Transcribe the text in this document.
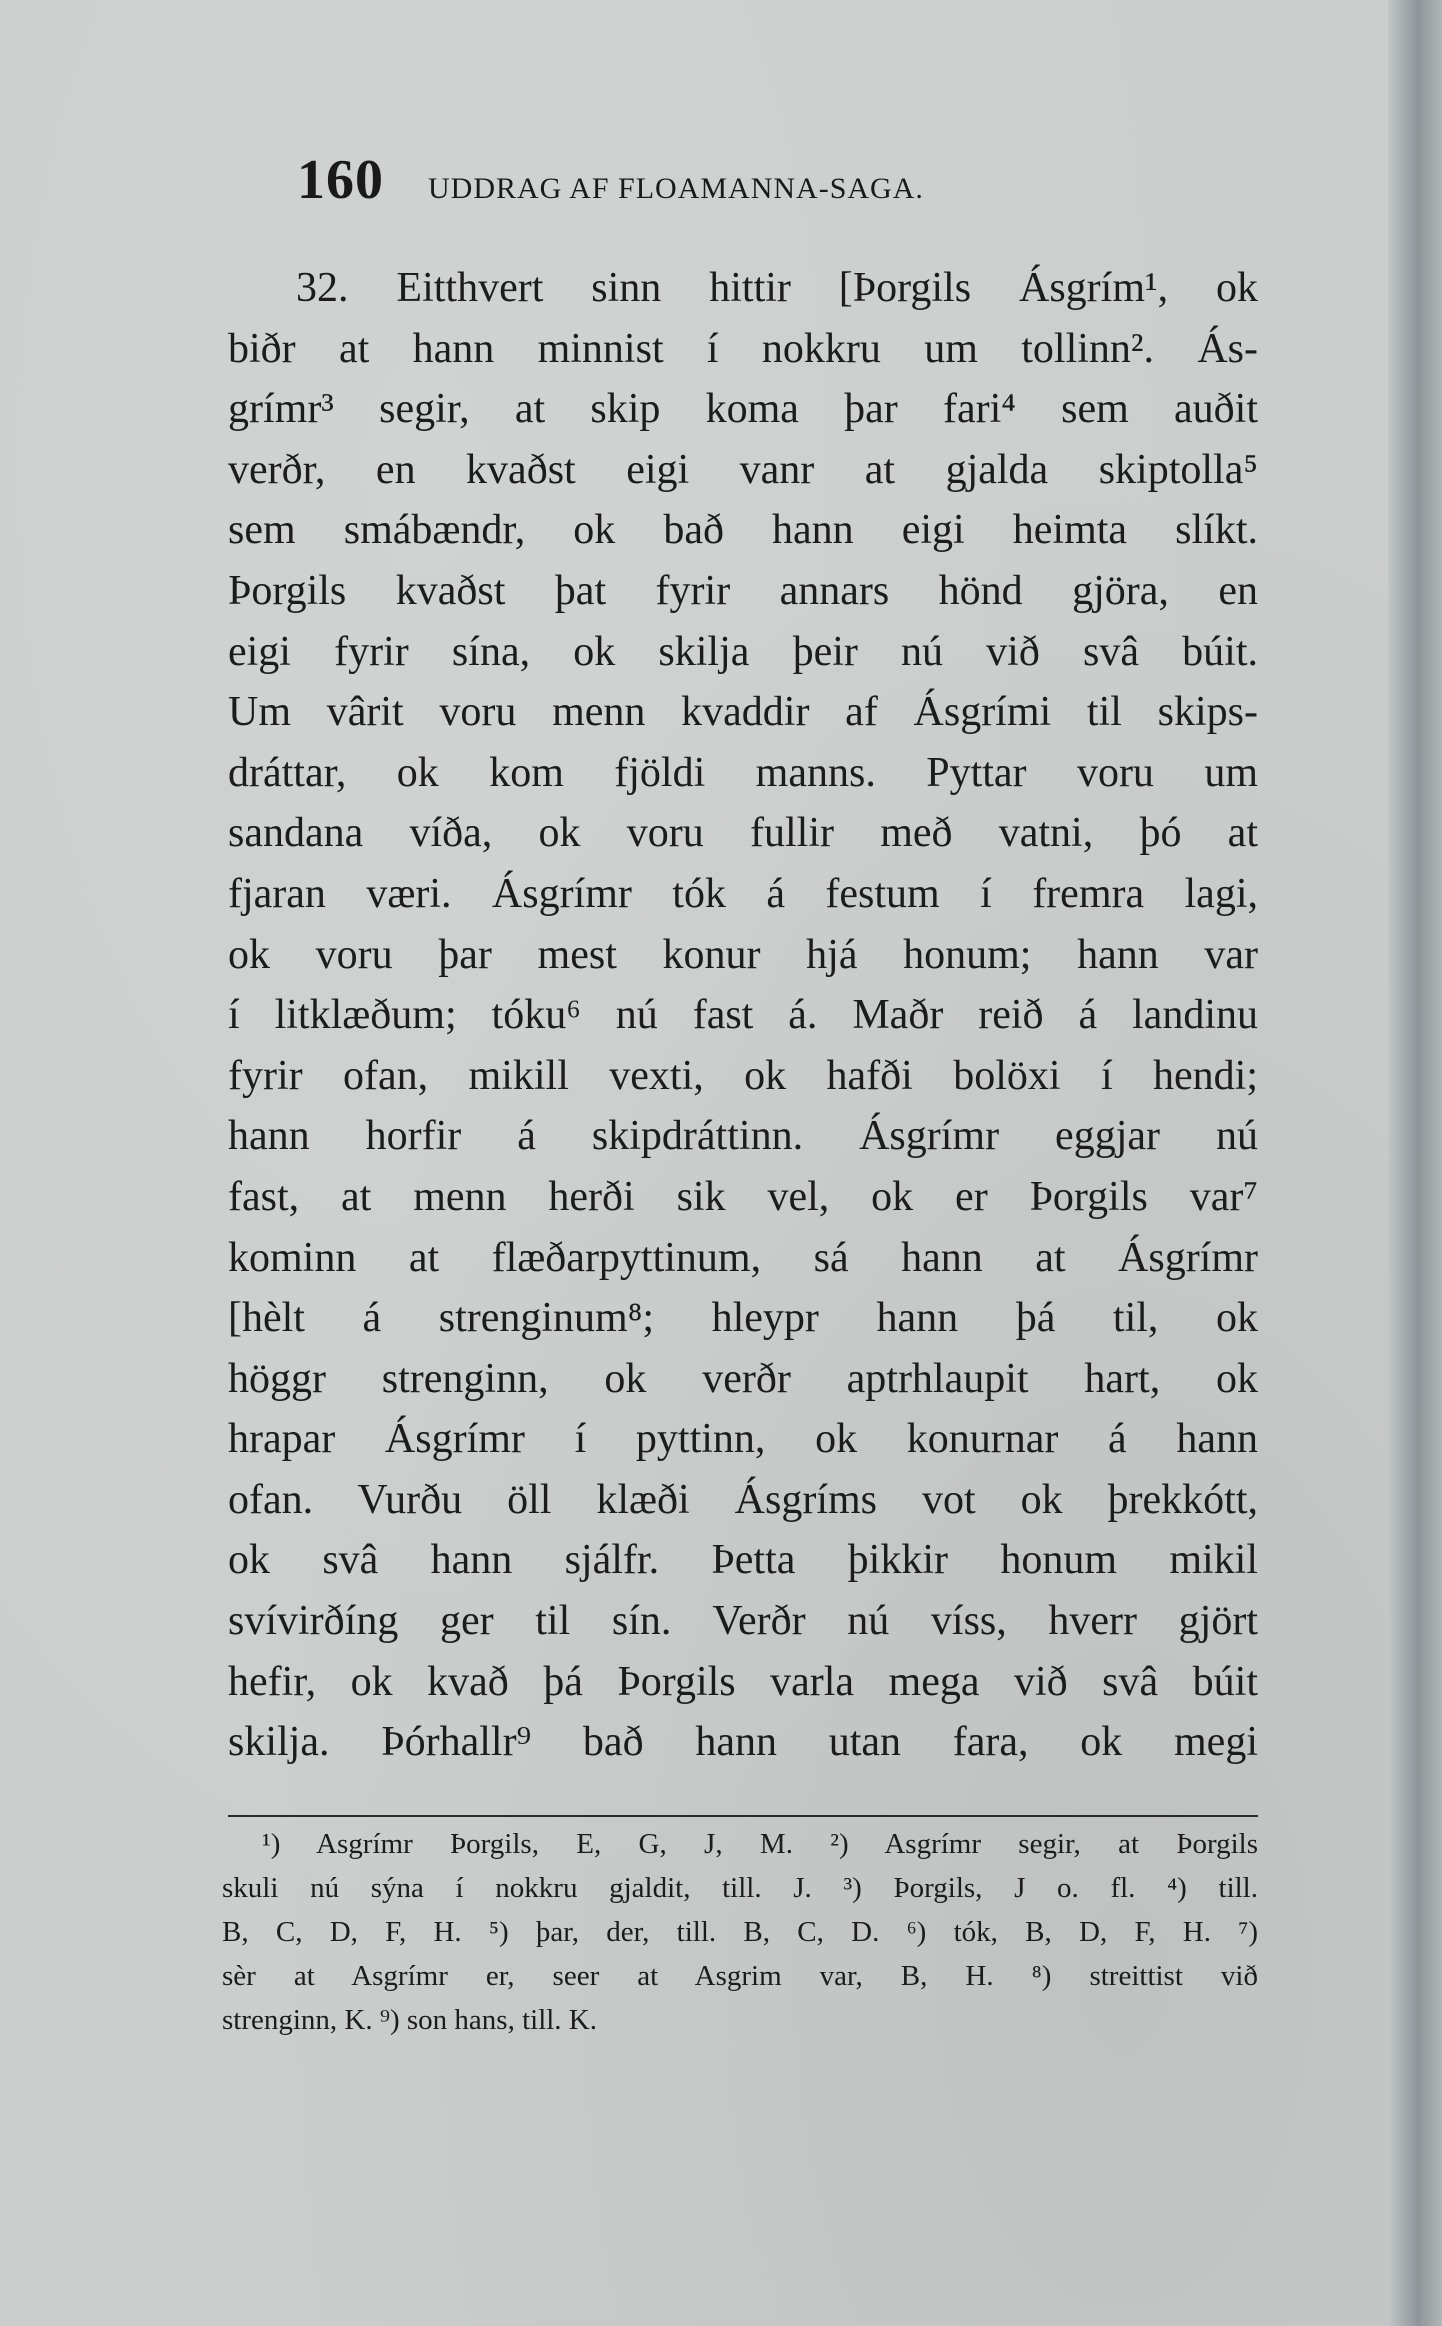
160 UDDRAG AF FLOAMANNA-SAGA.
32. Eitthvert sinn hittir [Þorgils Ásgrím¹, ok
biðr at hann minnist í nokkru um tollinn². Ás-
grímr³ segir, at skip koma þar fari⁴ sem auðit
verðr, en kvaðst eigi vanr at gjalda skiptolla⁵
sem smábændr, ok bað hann eigi heimta slíkt.
Þorgils kvaðst þat fyrir annars hönd gjöra, en
eigi fyrir sína, ok skilja þeir nú við svâ búit.
Um vârit voru menn kvaddir af Ásgrími til skips-
dráttar, ok kom fjöldi manns. Pyttar voru um
sandana víða, ok voru fullir með vatni, þó at
fjaran væri. Ásgrímr tók á festum í fremra lagi,
ok voru þar mest konur hjá honum; hann var
í litklæðum; tóku⁶ nú fast á. Maðr reið á landinu
fyrir ofan, mikill vexti, ok hafði bolöxi í hendi;
hann horfir á skipdráttinn. Ásgrímr eggjar nú
fast, at menn herði sik vel, ok er Þorgils var⁷
kominn at flæðarpyttinum, sá hann at Ásgrímr
[hèlt á strenginum⁸; hleypr hann þá til, ok
höggr strenginn, ok verðr aptrhlaupit hart, ok
hrapar Ásgrímr í pyttinn, ok konurnar á hann
ofan. Vurðu öll klæði Ásgríms vot ok þrekkótt,
ok svâ hann sjálfr. Þetta þikkir honum mikil
svívirðíng ger til sín. Verðr nú víss, hverr gjört
hefir, ok kvað þá Þorgils varla mega við svâ búit
skilja. Þórhallr⁹ bað hann utan fara, ok megi
¹) Asgrímr Þorgils, E, G, J, M. ²) Asgrímr segir, at Þorgils
skuli nú sýna í nokkru gjaldit, till. J. ³) Þorgils, J o. fl. ⁴) till.
B, C, D, F, H. ⁵) þar, der, till. B, C, D. ⁶) tók, B, D, F, H. ⁷)
sèr at Asgrímr er, seer at Asgrim var, B, H. ⁸) streittist við
strenginn, K. ⁹) son hans, till. K.
